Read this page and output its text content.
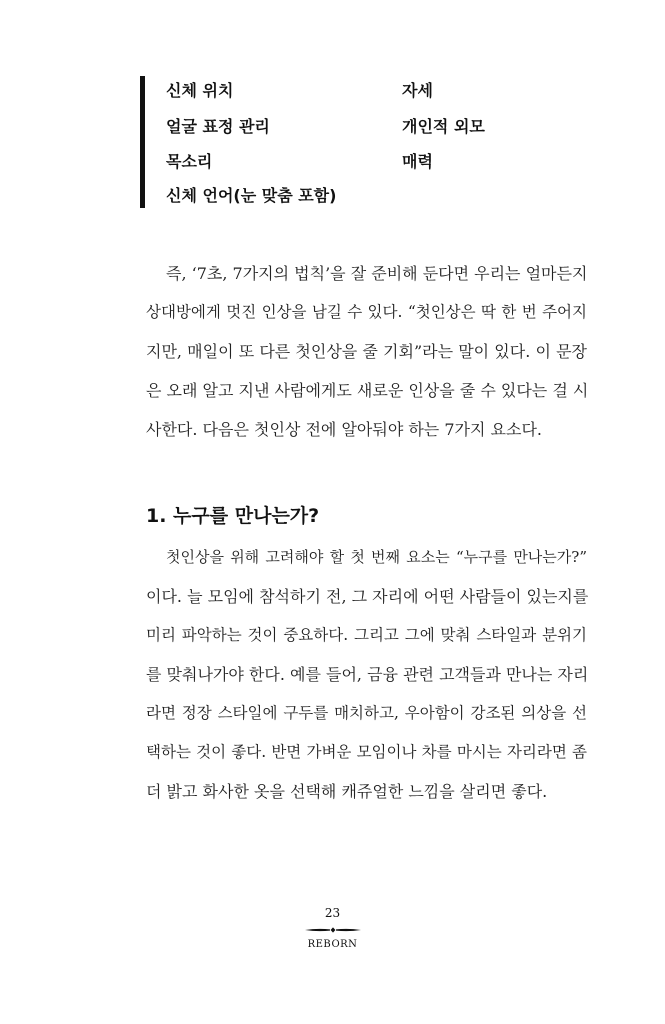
신체 위치	자세
얼굴 표정 관리	개인적 외모
목소리	매력
신체 언어(눈 맞춤 포함)
즉, ‘7초, 7가지의 법칙’을 잘 준비해 둔다면 우리는 얼마든지
상대방에게 멋진 인상을 남길 수 있다. “첫인상은 딱 한 번 주어지
지만, 매일이 또 다른 첫인상을 줄 기회”라는 말이 있다. 이 문장
은 오래 알고 지낸 사람에게도 새로운 인상을 줄 수 있다는 걸 시
사한다. 다음은 첫인상 전에 알아둬야 하는 7가지 요소다.
1. 누구를 만나는가?
첫인상을 위해 고려해야 할 첫 번째 요소는 “누구를 만나는가?”
이다. 늘 모임에 참석하기 전, 그 자리에 어떤 사람들이 있는지를
미리 파악하는 것이 중요하다. 그리고 그에 맞춰 스타일과 분위기
를 맞춰나가야 한다. 예를 들어, 금융 관련 고객들과 만나는 자리
라면 정장 스타일에 구두를 매치하고, 우아함이 강조된 의상을 선
택하는 것이 좋다. 반면 가벼운 모임이나 차를 마시는 자리라면 좀
더 밝고 화사한 옷을 선택해 캐쥬얼한 느낌을 살리면 좋다.
23
REBORN
